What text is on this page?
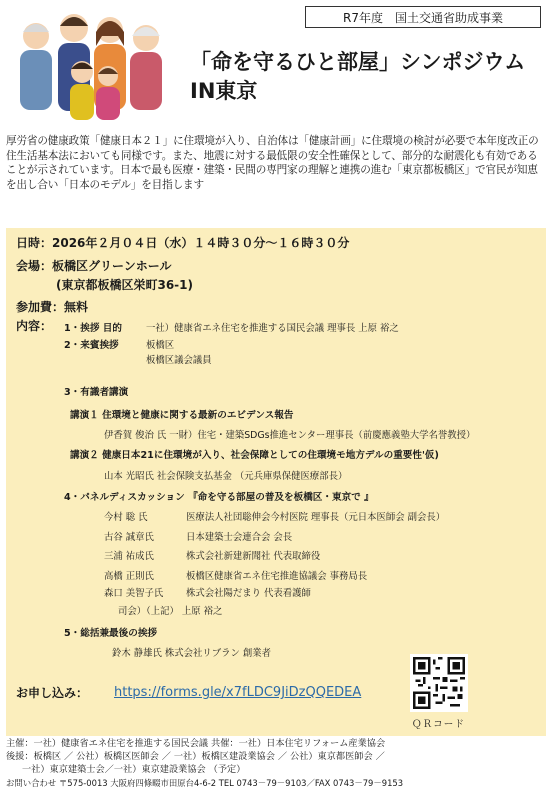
R7年度　国土交通省助成事業
「命を守るひと部屋」シンポジウム
IN東京
厚労省の健康政策「健康日本２１」に住環境が入り、自治体は「健康計画」に住環境の検討が必要で本年度改正の住生活基本法においても同様です。また、地震に対する最低限の安全性確保として、部分的な耐震化も有効であることが示されています。日本で最も医療・建築・民間の専門家の理解と連携の進む「東京都板橋区」で官民が知恵を出し合い「日本のモデル」を目指します
日時：2026年２月０４日（水）１４時３０分～１６時３０分
会場：板橋区グリーンホール
(東京都板橋区栄町36-1)
参加費：無料
内容： 1・挨拶 目的	一社）健康省エネ住宅を推進する国民会議 理事長 上原 裕之
2・来賓挨拶	板橋区
板橋区議会議員
3・有識者講演
講演１ 住環境と健康に関する最新のエビデンス報告
伊香賀 俊治 氏 一財）住宅・建築SDGs推進センター理事長（前慶應義塾大学名誉教授）
講演２ 健康日本21に住環境が入り、社会保障としての住環境モ地方デルの重要性'仮)
山本 光昭氏 社会保険支払基金 （元兵庫県保健医療部長）
4・パネルディスカッション 『命を守る部屋の普及を板橋区・東京で 』
今村 聡 氏	医療法人社団聡伸会今村医院 理事長（元日本医師会 副会長）
古谷 誠章氏	日本建築士会連合会 会長
三浦 祐成氏	株式会社新建新聞社 代表取締役
高橋 正則氏	板橋区健康省エネ住宅推進協議会 事務局長
森口 美智子氏 株式会社陽だまり 代表看護師
司会）（上記） 上原 裕之
5・総括兼最後の挨拶
鈴木 静雄氏 株式会社リブラン 創業者
お申し込み： https://forms.gle/x7fLDC9JiDzQQEDEA
ＱＲコード
主催：一社）健康省エネ住宅を推進する国民会議 共催：一社）日本住宅リフォーム産業協会
後援：板橋区 ／ 公社）板橋区医師会 ／ 一社）板橋区建設業協会 ／ 公社）東京都医師会 ／
一社）東京建築士会／一社）東京建設業協会 （予定）
お問い合わせ 〒575-0013 大阪府四條畷市田原台4-6-2 TEL 0743－79－9103／FAX 0743－79－9153
